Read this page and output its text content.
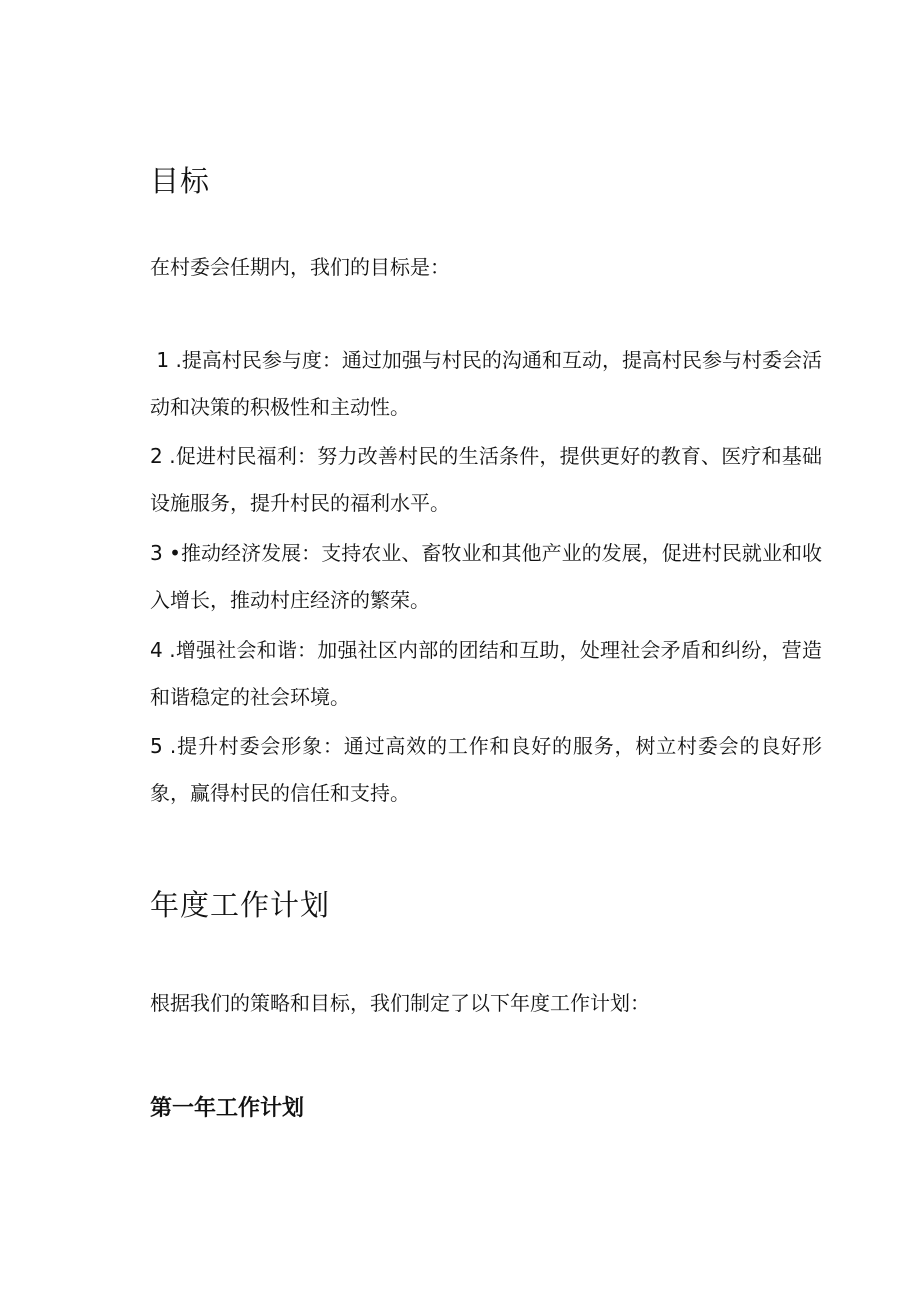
目标

在村委会任期内，我们的目标是：

1 .提高村民参与度：通过加强与村民的沟通和互动，提高村民参与村委会活动和决策的积极性和主动性。
2 .促进村民福利：努力改善村民的生活条件，提供更好的教育、医疗和基础设施服务，提升村民的福利水平。
3 •推动经济发展：支持农业、畜牧业和其他产业的发展，促进村民就业和收入增长，推动村庄经济的繁荣。
4 .增强社会和谐：加强社区内部的团结和互助，处理社会矛盾和纠纷，营造和谐稳定的社会环境。
5 .提升村委会形象：通过高效的工作和良好的服务，树立村委会的良好形象，赢得村民的信任和支持。
年度工作计划

根据我们的策略和目标，我们制定了以下年度工作计划：

第一年工作计划
